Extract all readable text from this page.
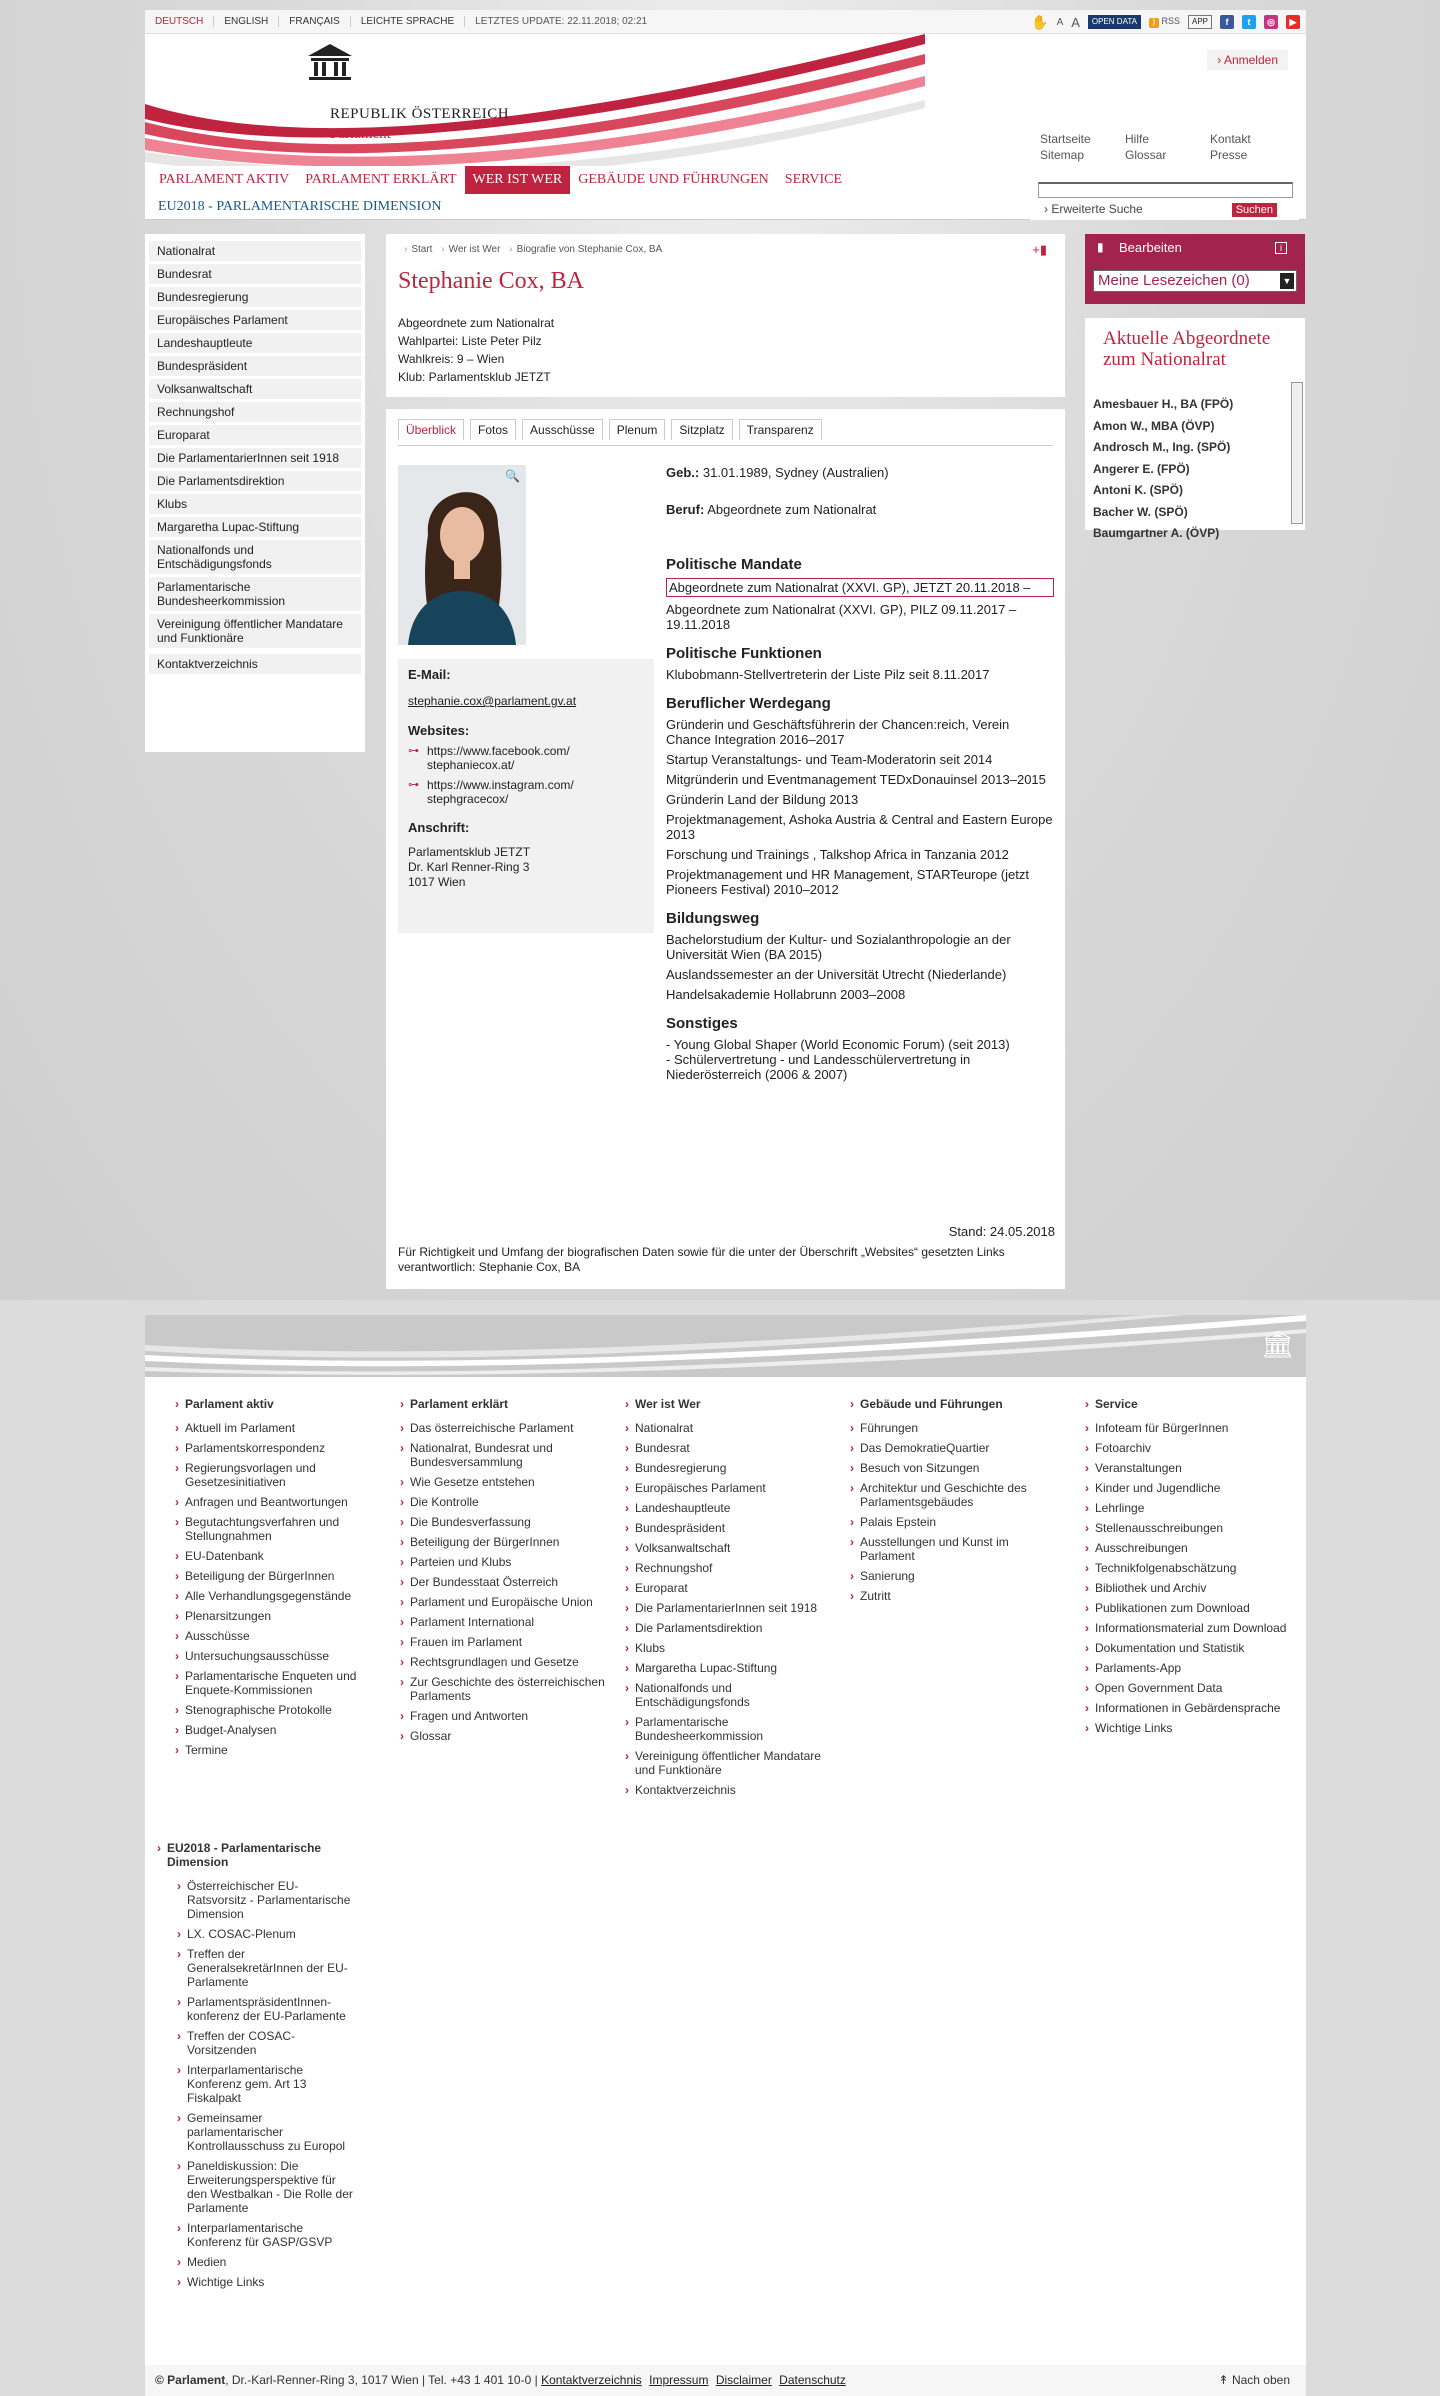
DEUTSCH	ENGLISH	FRANÇAIS	LEICHTE SPRACHE	LETZTES UPDATE: 22.11.2018; 02:21	✋ A A	OPEN DATA	) RSS	APP	f	t	◎	▶
REPUBLIK ÖSTERREICH
Parlament
› Anmelden
Startseite	Hilfe	Kontakt
Sitemap	Glossar	Presse
PARLAMENT AKTIV	PARLAMENT ERKLÄRT	WER IST WER	GEBÄUDE UND FÜHRUNGEN	SERVICE
EU2018 - PARLAMENTARISCHE DIMENSION	› Erweiterte Suche	Suchen
Nationalrat
Bundesrat
Bundesregierung
Europäisches Parlament
Landeshauptleute
Bundespräsident
Volksanwaltschaft
Rechnungshof
Europarat
Die ParlamentarierInnen seit 1918
Die Parlamentsdirektion
Klubs
Margaretha Lupac-Stiftung
Nationalfonds und Entschädigungsfonds
Parlamentarische Bundesheerkommission
Vereinigung öffentlicher Mandatare und Funktionäre
Kontaktverzeichnis
› Start › Wer ist Wer › Biografie von Stephanie Cox, BA	+▮
Stephanie Cox, BA
Abgeordnete zum Nationalrat
Wahlpartei: Liste Peter Pilz
Wahlkreis: 9 – Wien
Klub: Parlamentsklub JETZT
Überblick	Fotos	Ausschüsse	Plenum	Sitzplatz	Transparenz
🔍
E-Mail:
stephanie.cox@parlament.gv.at
Websites:
⊶ https://www.facebook.com/
stephaniecox.at/
⊶ https://www.instagram.com/
stephgracecox/
Anschrift:
Parlamentsklub JETZT
Dr. Karl Renner-Ring 3
1017 Wien
Geb.: 31.01.1989, Sydney (Australien)
Beruf: Abgeordnete zum Nationalrat
Politische Mandate

Abgeordnete zum Nationalrat (XXVI. GP), JETZT 20.11.2018 –

Abgeordnete zum Nationalrat (XXVI. GP), PILZ 09.11.2017 – 19.11.2018

Politische Funktionen

Klubobmann-Stellvertreterin der Liste Pilz seit 8.11.2017

Beruflicher Werdegang

Gründerin und Geschäftsführerin der Chancen:reich, Verein Chance Integration 2016–2017

Startup Veranstaltungs- und Team-Moderatorin seit 2014

Mitgründerin und Eventmanagement TEDxDonauinsel 2013–2015

Gründerin Land der Bildung 2013

Projektmanagement, Ashoka Austria & Central and Eastern Europe 2013

Forschung und Trainings , Talkshop Africa in Tanzania 2012

Projektmanagement und HR Management, STARTeurope (jetzt Pioneers Festival) 2010–2012

Bildungsweg

Bachelorstudium der Kultur- und Sozialanthropologie an der Universität Wien (BA 2015)

Auslandssemester an der Universität Utrecht (Niederlande)

Handelsakademie Hollabrunn 2003–2008

Sonstiges
- Young Global Shaper (World Economic Forum) (seit 2013)
- Schülervertretung - und Landesschülervertretung in Niederösterreich (2006 & 2007)
Stand: 24.05.2018
Für Richtigkeit und Umfang der biografischen Daten sowie für die unter der Überschrift „Websites“ gesetzten Links verantwortlich: Stephanie Cox, BA
▮ Bearbeiten	i
Meine Lesezeichen (0)	▼
Aktuelle Abgeordnete zum Nationalrat
Amesbauer H., BA (FPÖ)
Amon W., MBA (ÖVP)
Androsch M., Ing. (SPÖ)
Angerer E. (FPÖ)
Antoni K. (SPÖ)
Bacher W. (SPÖ)
Baumgartner A. (ÖVP)
🏛
› Parlament aktiv
› Aktuell im Parlament
› Parlamentskorrespondenz
› Regierungsvorlagen und Gesetzesinitiativen
› Anfragen und Beantwortungen
› Begutachtungsverfahren und Stellungnahmen
› EU-Datenbank
› Beteiligung der BürgerInnen
› Alle Verhandlungsgegenstände
› Plenarsitzungen
› Ausschüsse
› Untersuchungsausschüsse
› Parlamentarische Enqueten und Enquete-Kommissionen
› Stenographische Protokolle
› Budget-Analysen
› Termine
› Parlament erklärt
› Das österreichische Parlament
› Nationalrat, Bundesrat und Bundesversammlung
› Wie Gesetze entstehen
› Die Kontrolle
› Die Bundesverfassung
› Beteiligung der BürgerInnen
› Parteien und Klubs
› Der Bundesstaat Österreich
› Parlament und Europäische Union
› Parlament International
› Frauen im Parlament
› Rechtsgrundlagen und Gesetze
› Zur Geschichte des österreichischen Parlaments
› Fragen und Antworten
› Glossar
› Wer ist Wer
› Nationalrat
› Bundesrat
› Bundesregierung
› Europäisches Parlament
› Landeshauptleute
› Bundespräsident
› Volksanwaltschaft
› Rechnungshof
› Europarat
› Die ParlamentarierInnen seit 1918
› Die Parlamentsdirektion
› Klubs
› Margaretha Lupac-Stiftung
› Nationalfonds und Entschädigungsfonds
› Parlamentarische Bundesheerkommission
› Vereinigung öffentlicher Mandatare und Funktionäre
› Kontaktverzeichnis
› Gebäude und Führungen
› Führungen
› Das DemokratieQuartier
› Besuch von Sitzungen
› Architektur und Geschichte des Parlamentsgebäudes
› Palais Epstein
› Ausstellungen und Kunst im Parlament
› Sanierung
› Zutritt
› Service
› Infoteam für BürgerInnen
› Fotoarchiv
› Veranstaltungen
› Kinder und Jugendliche
› Lehrlinge
› Stellenausschreibungen
› Ausschreibungen
› Technikfolgenabschätzung
› Bibliothek und Archiv
› Publikationen zum Download
› Informationsmaterial zum Download
› Dokumentation und Statistik
› Parlaments-App
› Open Government Data
› Informationen in Gebärdensprache
› Wichtige Links
› EU2018 - Parlamentarische Dimension
› Österreichischer EU-Ratsvorsitz - Parlamentarische Dimension
› LX. COSAC-Plenum
› Treffen der GeneralsekretärInnen der EU-Parlamente
› ParlamentspräsidentInnen-konferenz der EU-Parlamente
› Treffen der COSAC-Vorsitzenden
› Interparlamentarische Konferenz gem. Art 13 Fiskalpakt
› Gemeinsamer parlamentarischer Kontrollausschuss zu Europol
› Paneldiskussion: Die Erweiterungsperspektive für den Westbalkan - Die Rolle der Parlamente
› Interparlamentarische Konferenz für GASP/GSVP
› Medien
› Wichtige Links
© Parlament, Dr.-Karl-Renner-Ring 3, 1017 Wien | Tel. +43 1 401 10-0 | Kontaktverzeichnis Impressum Disclaimer Datenschutz	↟ Nach oben
